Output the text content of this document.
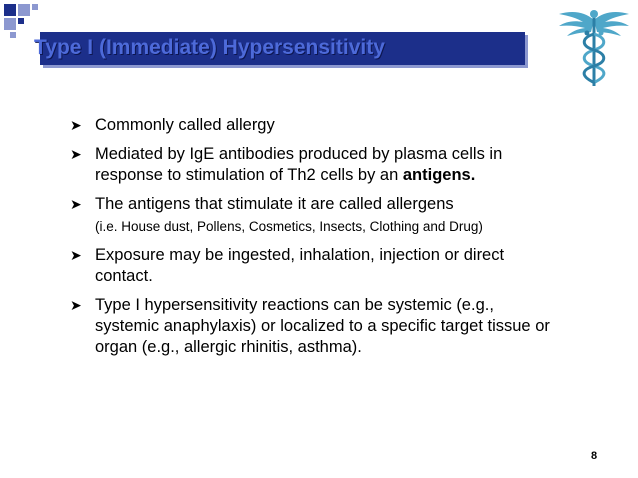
Type I (Immediate) Hypersensitivity
➤ Commonly called allergy
➤ Mediated by IgE antibodies produced by plasma cells in response to stimulation of Th2 cells by an antigens.
➤ The antigens that stimulate it are called allergens
(i.e. House dust, Pollens, Cosmetics, Insects, Clothing and Drug)
➤ Exposure may be ingested, inhalation, injection or direct contact.
➤ Type I hypersensitivity reactions can be systemic (e.g., systemic anaphylaxis) or localized to a specific target tissue or organ (e.g., allergic rhinitis, asthma).
8
